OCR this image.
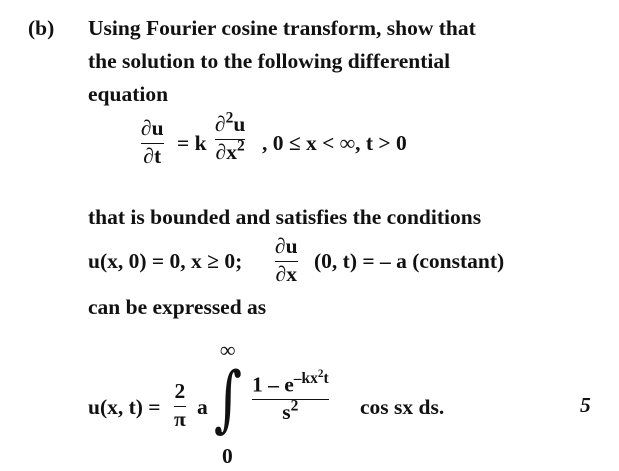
(b) Using Fourier cosine transform, show that
the solution to the following differential
equation
∂u
∂t
= k
∂$^2$u
$\partial x^2$ , 0 ≤ x < ∞, t > 0
that is bounded and satisfies the conditions
u(x, 0) = 0, x ≥ 0;
∂u
∂x
(0, t) = – a (constant)
can be expressed as
u(x, t) =
2
π a
∞
∫
0
$1 - e^{-kx^2t}$
$s^2$	cos sx ds.	5
